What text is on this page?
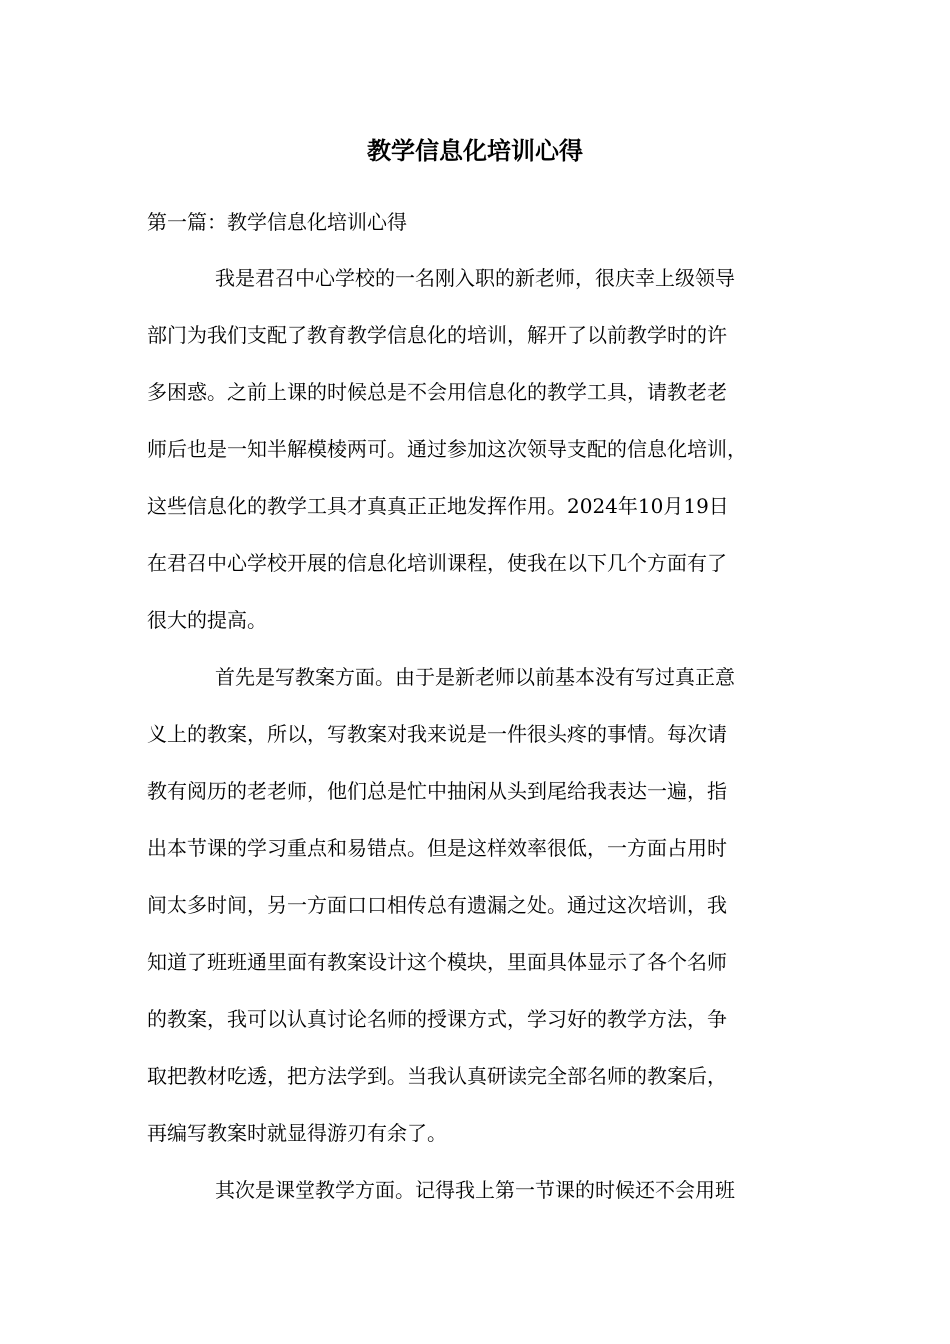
教学信息化培训心得

第一篇：教学信息化培训心得

我是君召中心学校的一名刚入职的新老师，很庆幸上级领导

部门为我们支配了教育教学信息化的培训，解开了以前教学时的许

多困惑。之前上课的时候总是不会用信息化的教学工具，请教老老

师后也是一知半解模棱两可。通过参加这次领导支配的信息化培训，

这些信息化的教学工具才真真正正地发挥作用。2024年10月19日

在君召中心学校开展的信息化培训课程，使我在以下几个方面有了

很大的提高。

首先是写教案方面。由于是新老师以前基本没有写过真正意

义上的教案，所以，写教案对我来说是一件很头疼的事情。每次请

教有阅历的老老师，他们总是忙中抽闲从头到尾给我表达一遍，指

出本节课的学习重点和易错点。但是这样效率很低，一方面占用时

间太多时间，另一方面口口相传总有遗漏之处。通过这次培训，我

知道了班班通里面有教案设计这个模块，里面具体显示了各个名师

的教案，我可以认真讨论名师的授课方式，学习好的教学方法，争

取把教材吃透，把方法学到。当我认真研读完全部名师的教案后，

再编写教案时就显得游刃有余了。

其次是课堂教学方面。记得我上第一节课的时候还不会用班
